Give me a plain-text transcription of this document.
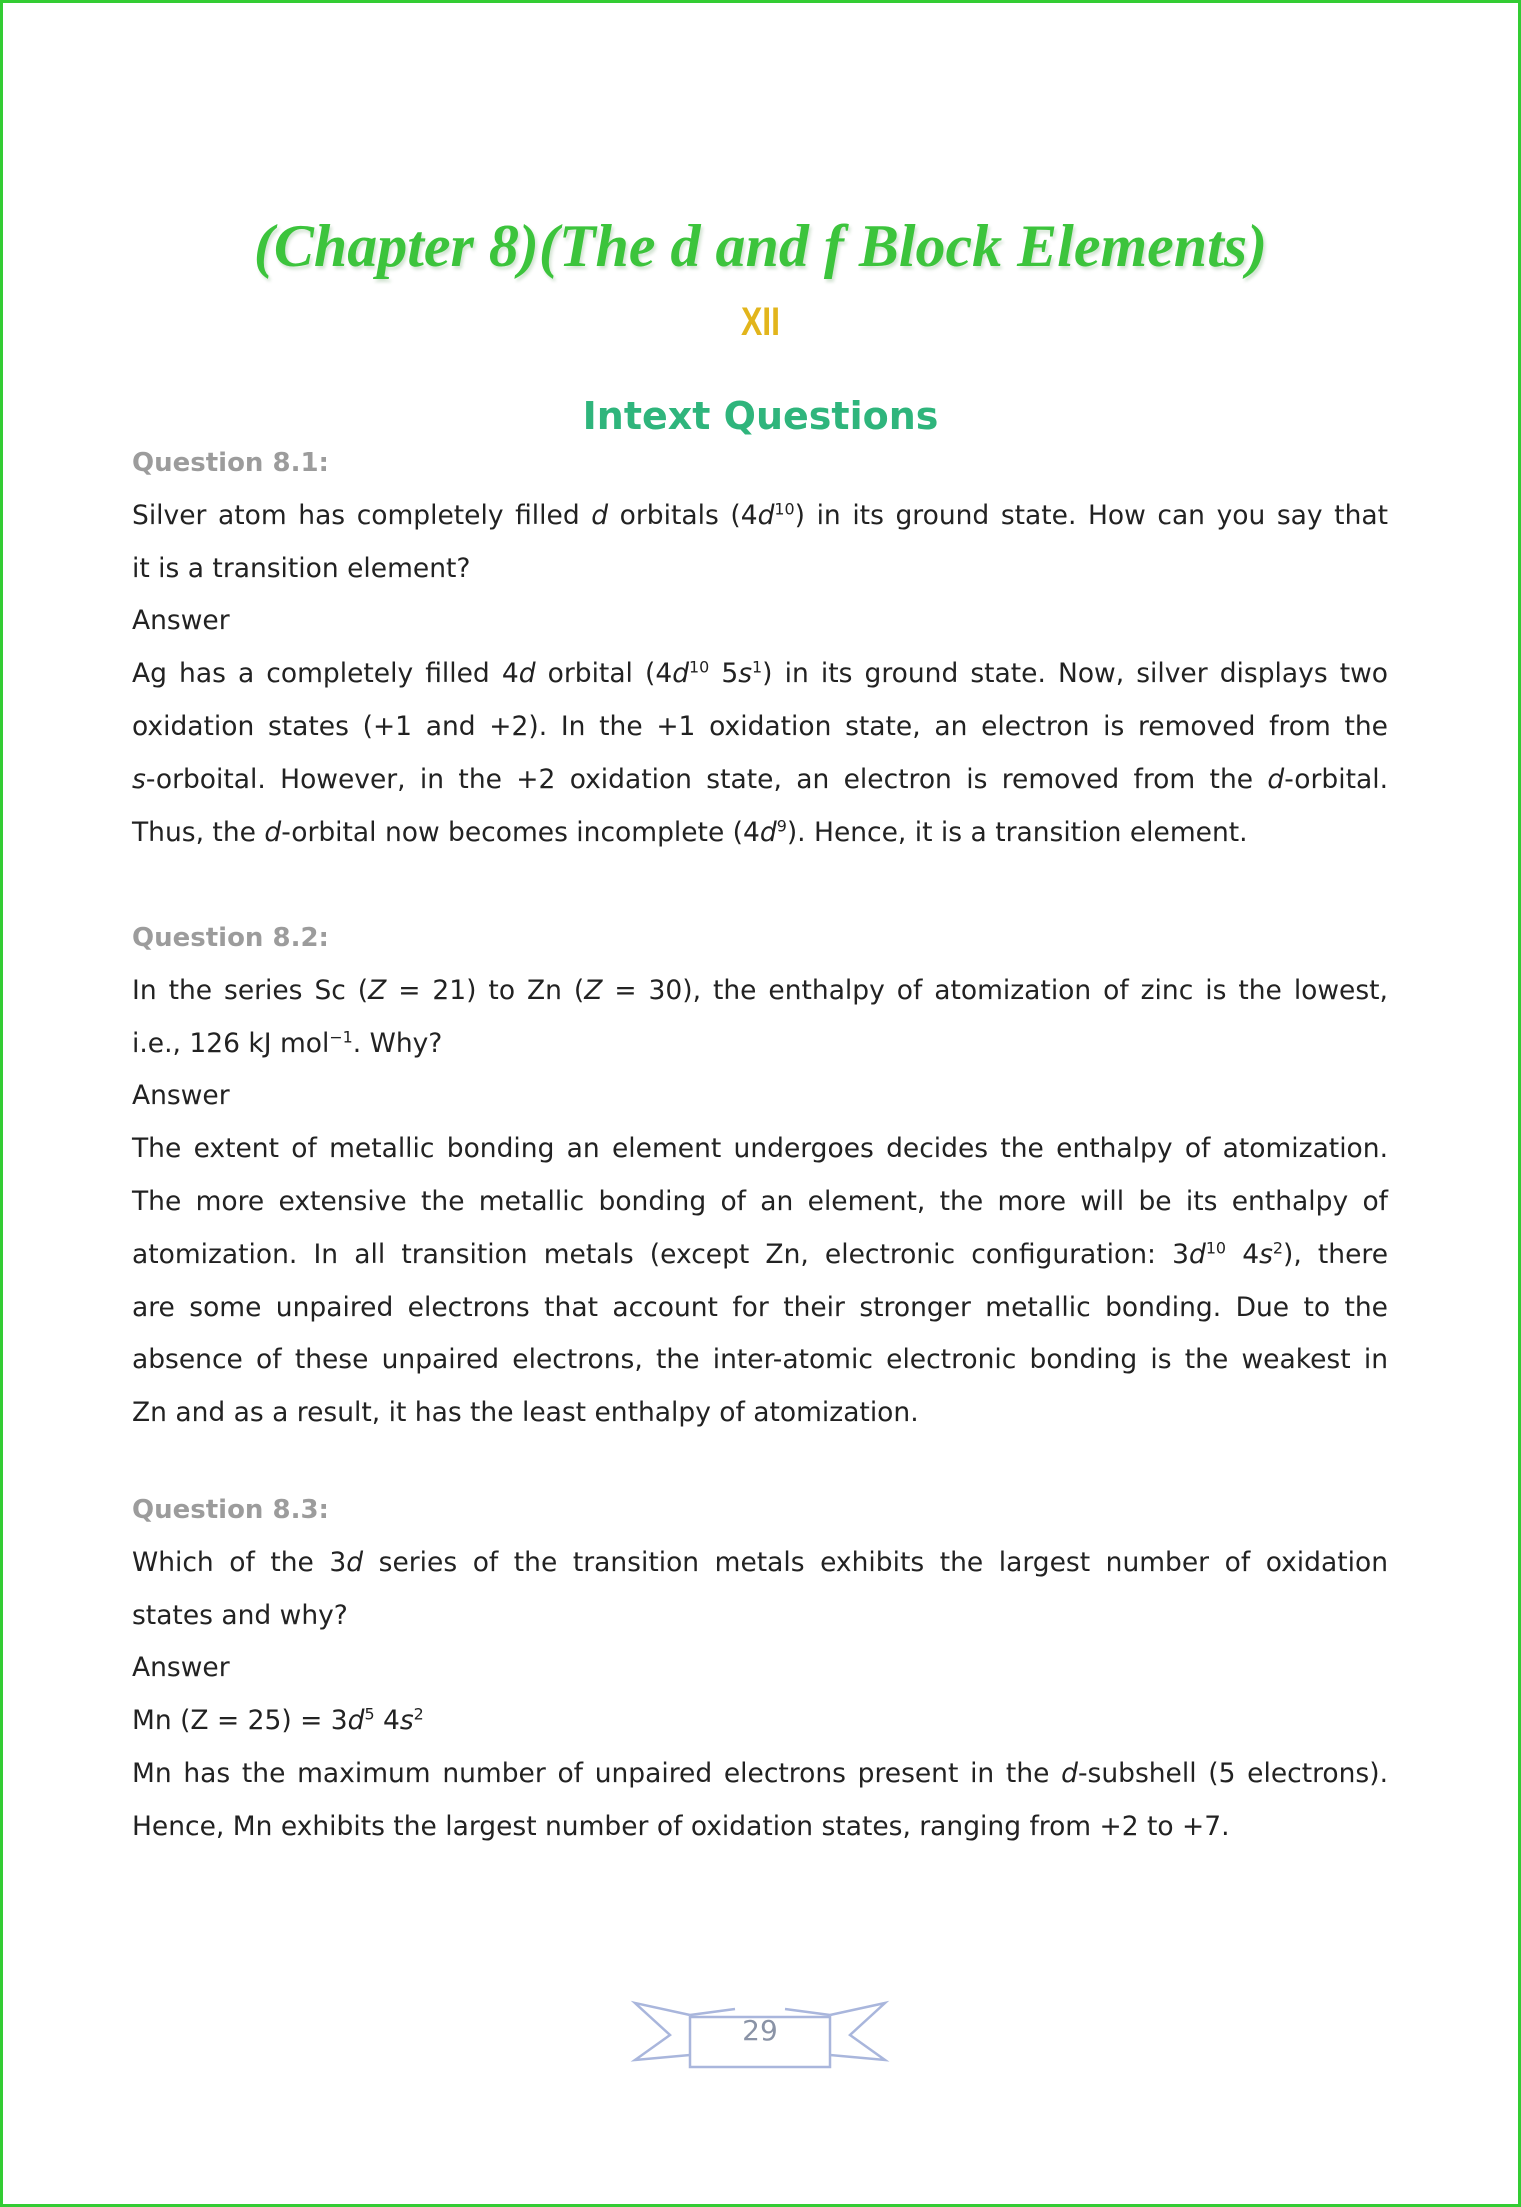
(Chapter 8)(The d and f Block Elements)
XII
Intext Questions
Question 8.1:
Silver atom has completely filled d orbitals $(4d^{10})$ in its ground state. How can you say that
it is a transition element?
Answer
Ag has a completely filled 4d orbital ($4d^{10}$ $5s^1$) in its ground state. Now, silver displays two
oxidation states (+1 and +2). In the +1 oxidation state, an electron is removed from the
s-orboital. However, in the +2 oxidation state, an electron is removed from the d-orbital.
Thus, the d-orbital now becomes incomplete $(4d^9)$. Hence, it is a transition element.
Question 8.2:
In the series Sc (Z = 21) to Zn (Z = 30), the enthalpy of atomization of zinc is the lowest,
i.e., 126 kJ mol$^{-1}$. Why?
Answer
The extent of metallic bonding an element undergoes decides the enthalpy of atomization.
The more extensive the metallic bonding of an element, the more will be its enthalpy of
atomization. In all transition metals (except Zn, electronic configuration: $3d^{10}$ $4s^2$), there
are some unpaired electrons that account for their stronger metallic bonding. Due to the
absence of these unpaired electrons, the inter-atomic electronic bonding is the weakest in
Zn and as a result, it has the least enthalpy of atomization.
Question 8.3:
Which of the 3d series of the transition metals exhibits the largest number of oxidation
states and why?
Answer
Mn $(Z = 25) = 3d^5$ $4s^2$
Mn has the maximum number of unpaired electrons present in the d-subshell (5 electrons).
Hence, Mn exhibits the largest number of oxidation states, ranging from +2 to +7.
29
